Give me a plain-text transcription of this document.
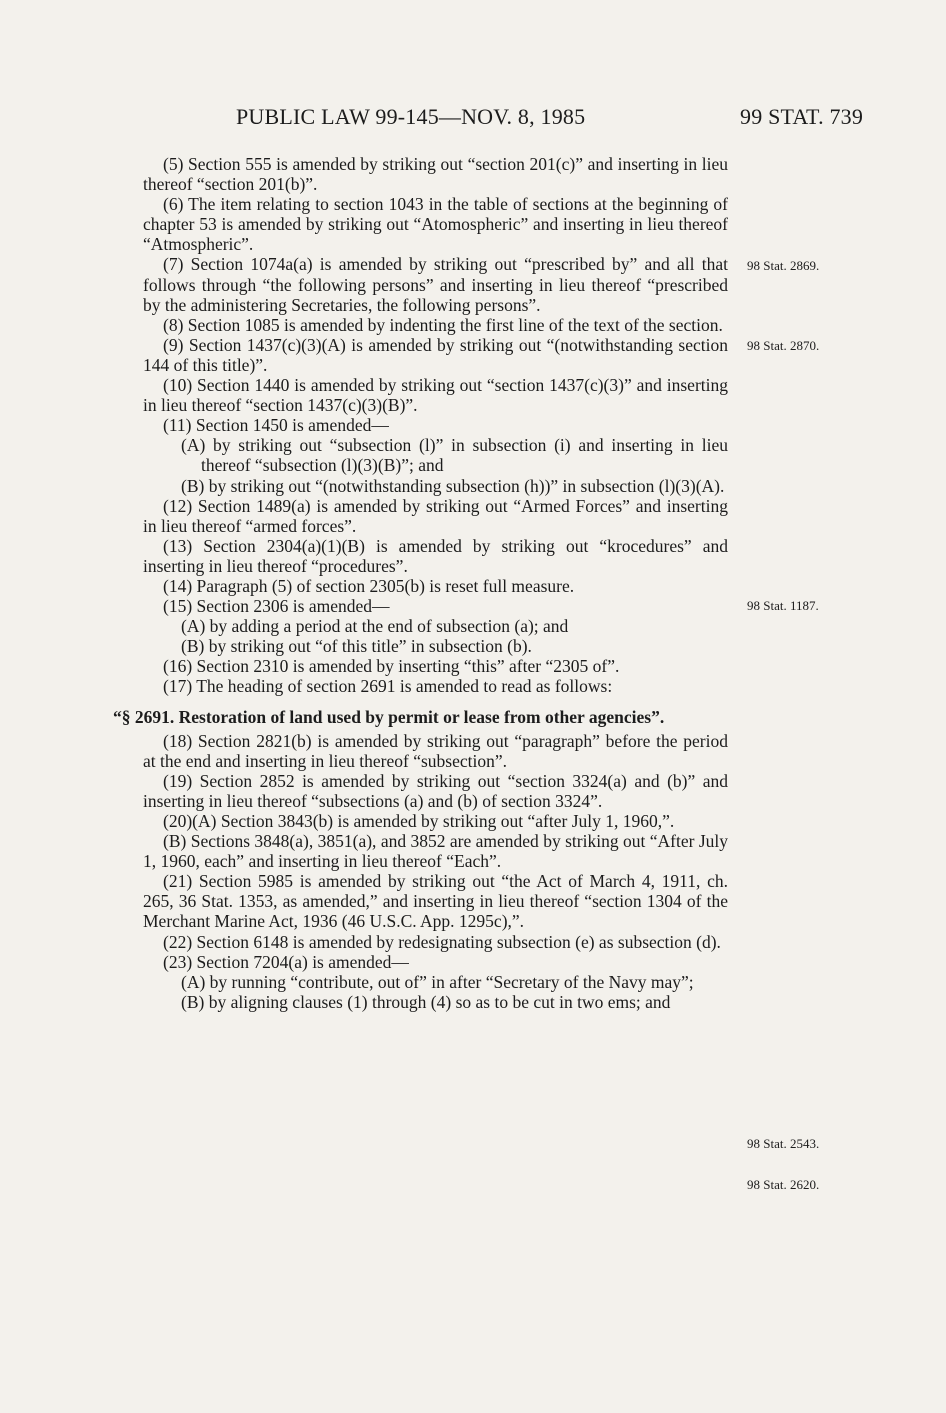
PUBLIC LAW 99-145—NOV. 8, 1985	99 STAT. 739

(5) Section 555 is amended by striking out “section 201(c)” and inserting in lieu thereof “section 201(b)”.

(6) The item relating to section 1043 in the table of sections at the beginning of chapter 53 is amended by striking out “Atomospheric” and inserting in lieu thereof “Atmospheric”.

(7) Section 1074a(a) is amended by striking out “prescribed by” and all that follows through “the following persons” and inserting in lieu thereof “prescribed by the administering Secretaries, the following persons”.

(8) Section 1085 is amended by indenting the first line of the text of the section.

(9) Section 1437(c)(3)(A) is amended by striking out “(notwithstanding section 144 of this title)”.

(10) Section 1440 is amended by striking out “section 1437(c)(3)” and inserting in lieu thereof “section 1437(c)(3)(B)”.

(11) Section 1450 is amended—

(A) by striking out “subsection (l)” in subsection (i) and inserting in lieu thereof “subsection (l)(3)(B)”; and

(B) by striking out “(notwithstanding subsection (h))” in subsection (l)(3)(A).

(12) Section 1489(a) is amended by striking out “Armed Forces” and inserting in lieu thereof “armed forces”.

(13) Section 2304(a)(1)(B) is amended by striking out “krocedures” and inserting in lieu thereof “procedures”.

(14) Paragraph (5) of section 2305(b) is reset full measure.

(15) Section 2306 is amended—

(A) by adding a period at the end of subsection (a); and

(B) by striking out “of this title” in subsection (b).

(16) Section 2310 is amended by inserting “this” after “2305 of”.

(17) The heading of section 2691 is amended to read as follows:

“§ 2691. Restoration of land used by permit or lease from other agencies”.

(18) Section 2821(b) is amended by striking out “paragraph” before the period at the end and inserting in lieu thereof “subsection”.

(19) Section 2852 is amended by striking out “section 3324(a) and (b)” and inserting in lieu thereof “subsections (a) and (b) of section 3324”.

(20)(A) Section 3843(b) is amended by striking out “after July 1, 1960,”.

(B) Sections 3848(a), 3851(a), and 3852 are amended by striking out “After July 1, 1960, each” and inserting in lieu thereof “Each”.

(21) Section 5985 is amended by striking out “the Act of March 4, 1911, ch. 265, 36 Stat. 1353, as amended,” and inserting in lieu thereof “section 1304 of the Merchant Marine Act, 1936 (46 U.S.C. App. 1295c),”.

(22) Section 6148 is amended by redesignating subsection (e) as subsection (d).

(23) Section 7204(a) is amended—

(A) by running “contribute, out of” in after “Secretary of the Navy may”;

(B) by aligning clauses (1) through (4) so as to be cut in two ems; and

98 Stat. 2869.
98 Stat. 2870.
98 Stat. 1187.
98 Stat. 2543.
98 Stat. 2620.
